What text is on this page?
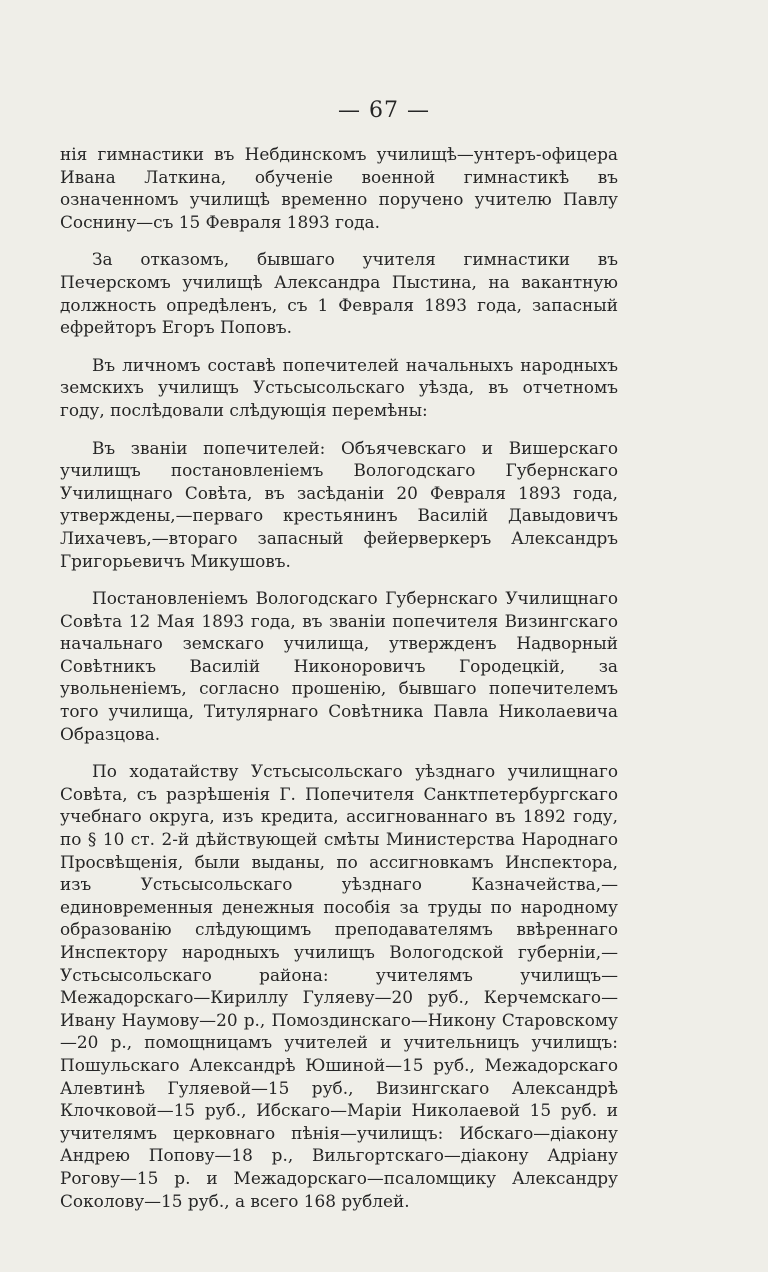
— 67 —

нія гимнастики въ Небдинскомъ училищѣ—унтеръ-офицера Ивана Латкина, обученіе военной гимнастикѣ въ означенномъ училищѣ временно поручено учителю Павлу Соснину—съ 15 Февраля 1893 года.

За отказомъ, бывшаго учителя гимнастики въ Печерскомъ училищѣ Александра Пыстина, на вакантную должность опредѣленъ, съ 1 Февраля 1893 года, запасный ефрейторъ Егоръ Поповъ.

Въ личномъ составѣ попечителей начальныхъ народныхъ земскихъ училищъ Устьсысольскаго уѣзда, въ отчетномъ году, послѣдовали слѣдующія перемѣны:

Въ званіи попечителей: Объячевскаго и Вишерскаго училищъ постановленіемъ Вологодскаго Губернскаго Училищнаго Совѣта, въ засѣданіи 20 Февраля 1893 года, утверждены,—перваго крестьянинъ Василій Давыдовичъ Лихачевъ,—втораго запасный фейерверкеръ Александръ Григорьевичъ Микушовъ.

Постановленіемъ Вологодскаго Губернскаго Училищнаго Совѣта 12 Мая 1893 года, въ званіи попечителя Визингскаго начальнаго земскаго училища, утвержденъ Надворный Совѣтникъ Василій Никоноровичъ Городецкій, за увольненіемъ, согласно прошенію, бывшаго попечителемъ того училища, Титулярнаго Совѣтника Павла Николаевича Образцова.

По ходатайству Устьсысольскаго уѣзднаго училищнаго Совѣта, съ разрѣшенія Г. Попечителя Санктпетербургскаго учебнаго округа, изъ кредита, ассигнованнаго въ 1892 году, по § 10 ст. 2-й дѣйствующей смѣты Министерства Народнаго Просвѣщенія, были выданы, по ассигновкамъ Инспектора, изъ Устьсысольскаго уѣзднаго Казначейства,—единовременныя денежныя пособія за труды по народному образованію слѣдующимъ преподавателямъ ввѣреннаго Инспектору народныхъ училищъ Вологодской губерніи,—Устьсысольскаго района: учителямъ училищъ—Межадорскаго—Кириллу Гуляеву—20 руб., Керчемскаго—Ивану Наумову—20 р., Помоздинскаго—Никону Старовскому—20 р., помощницамъ учителей и учительницъ училищъ: Пошульскаго Александрѣ Юшиной—15 руб., Межадорскаго Алевтинѣ Гуляевой—15 руб., Визингскаго Александрѣ Клочковой—15 руб., Ибскаго—Маріи Николаевой 15 руб. и учителямъ церковнаго пѣнія—училищъ: Ибскаго—діакону Андрею Попову—18 р., Вильгортскаго—діакону Адріану Рогову—15 р. и Межадорскаго—псаломщику Александру Соколову—15 руб., а всего 168 рублей.
